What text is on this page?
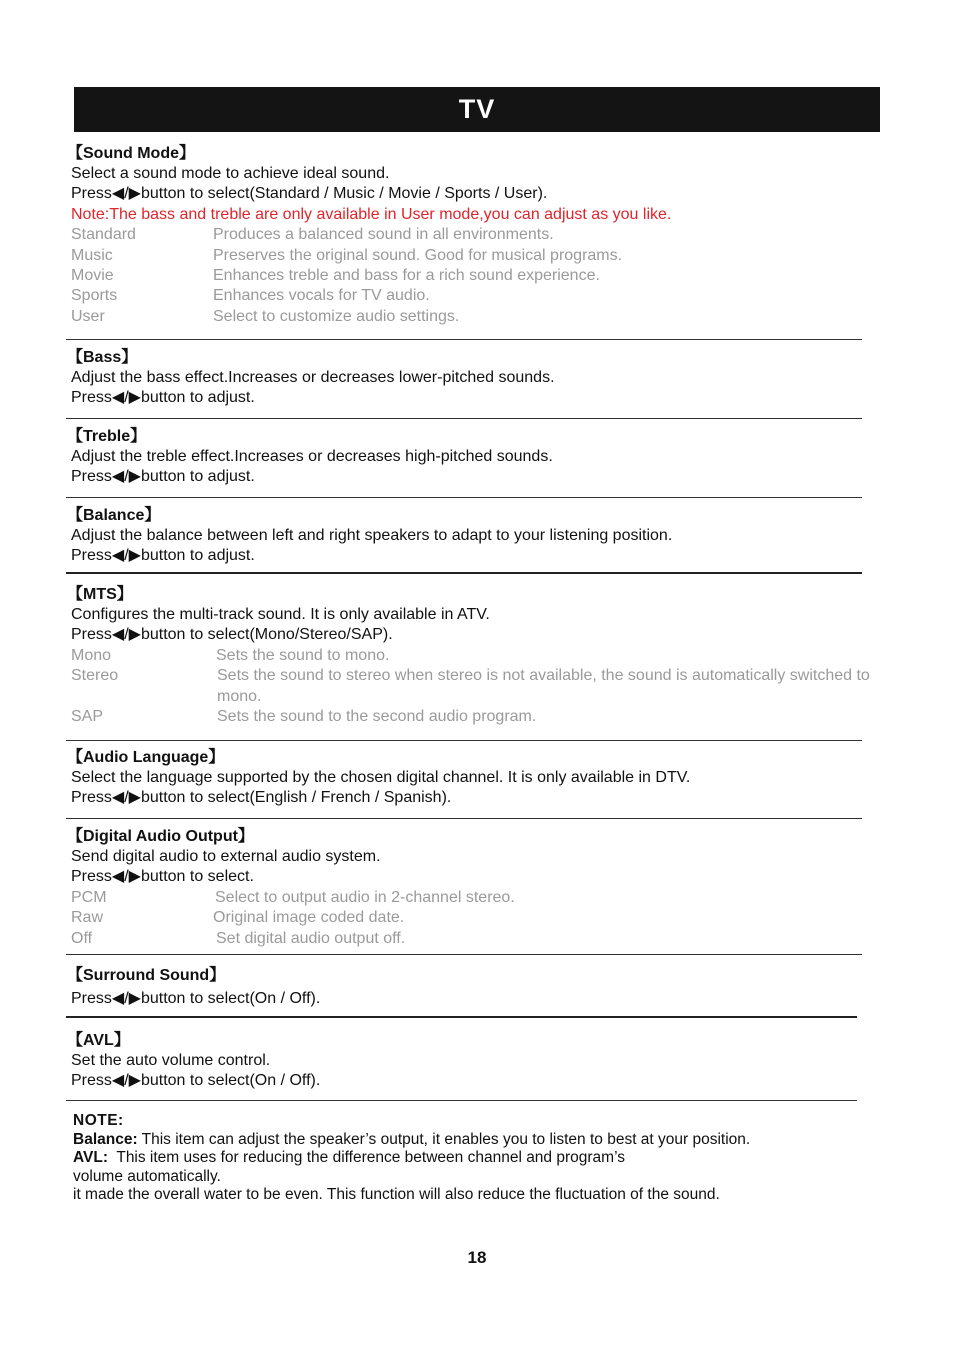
TV
【Sound Mode】
Select a sound mode to achieve ideal sound.
Press◀/▶button to select(Standard / Music / Movie / Sports / User).
Note:The bass and treble are only available in User mode,you can adjust as you like.
Standard	Produces a balanced sound in all environments.
Music	Preserves the original sound. Good for musical programs.
Movie	Enhances treble and bass for a rich sound experience.
Sports	Enhances vocals for TV audio.
User	Select to customize audio settings.
【Bass】
Adjust the bass effect.Increases or decreases lower-pitched sounds.
Press◀/▶button to adjust.
【Treble】
Adjust the treble effect.Increases or decreases high-pitched sounds.
Press◀/▶button to adjust.
【Balance】
Adjust the balance between left and right speakers to adapt to your listening position.
Press◀/▶button to adjust.
【MTS】
Configures the multi-track sound. It is only available in ATV.
Press◀/▶button to select(Mono/Stereo/SAP).
Mono	Sets the sound to mono.
Stereo	Sets the sound to stereo when stereo is not available, the sound is automatically switched to mono.
SAP	Sets the sound to the second audio program.
【Audio Language】
Select the language supported by the chosen digital channel. It is only available in DTV.
Press◀/▶button to select(English / French / Spanish).
【Digital Audio Output】
Send digital audio to external audio system.
Press◀/▶button to select.
PCM	Select to output audio in 2-channel stereo.
Raw	Original image coded date.
Off	Set digital audio output off.
【Surround Sound】
Press◀/▶button to select(On / Off).
【AVL】
Set the auto volume control.
Press◀/▶button to select(On / Off).
NOTE:
Balance: This item can adjust the speaker’s output, it enables you to listen to best at your position.
AVL:  This item uses for reducing the difference between channel and program’s
volume automatically.
it made the overall water to be even. This function will also reduce the fluctuation of the sound.
18
